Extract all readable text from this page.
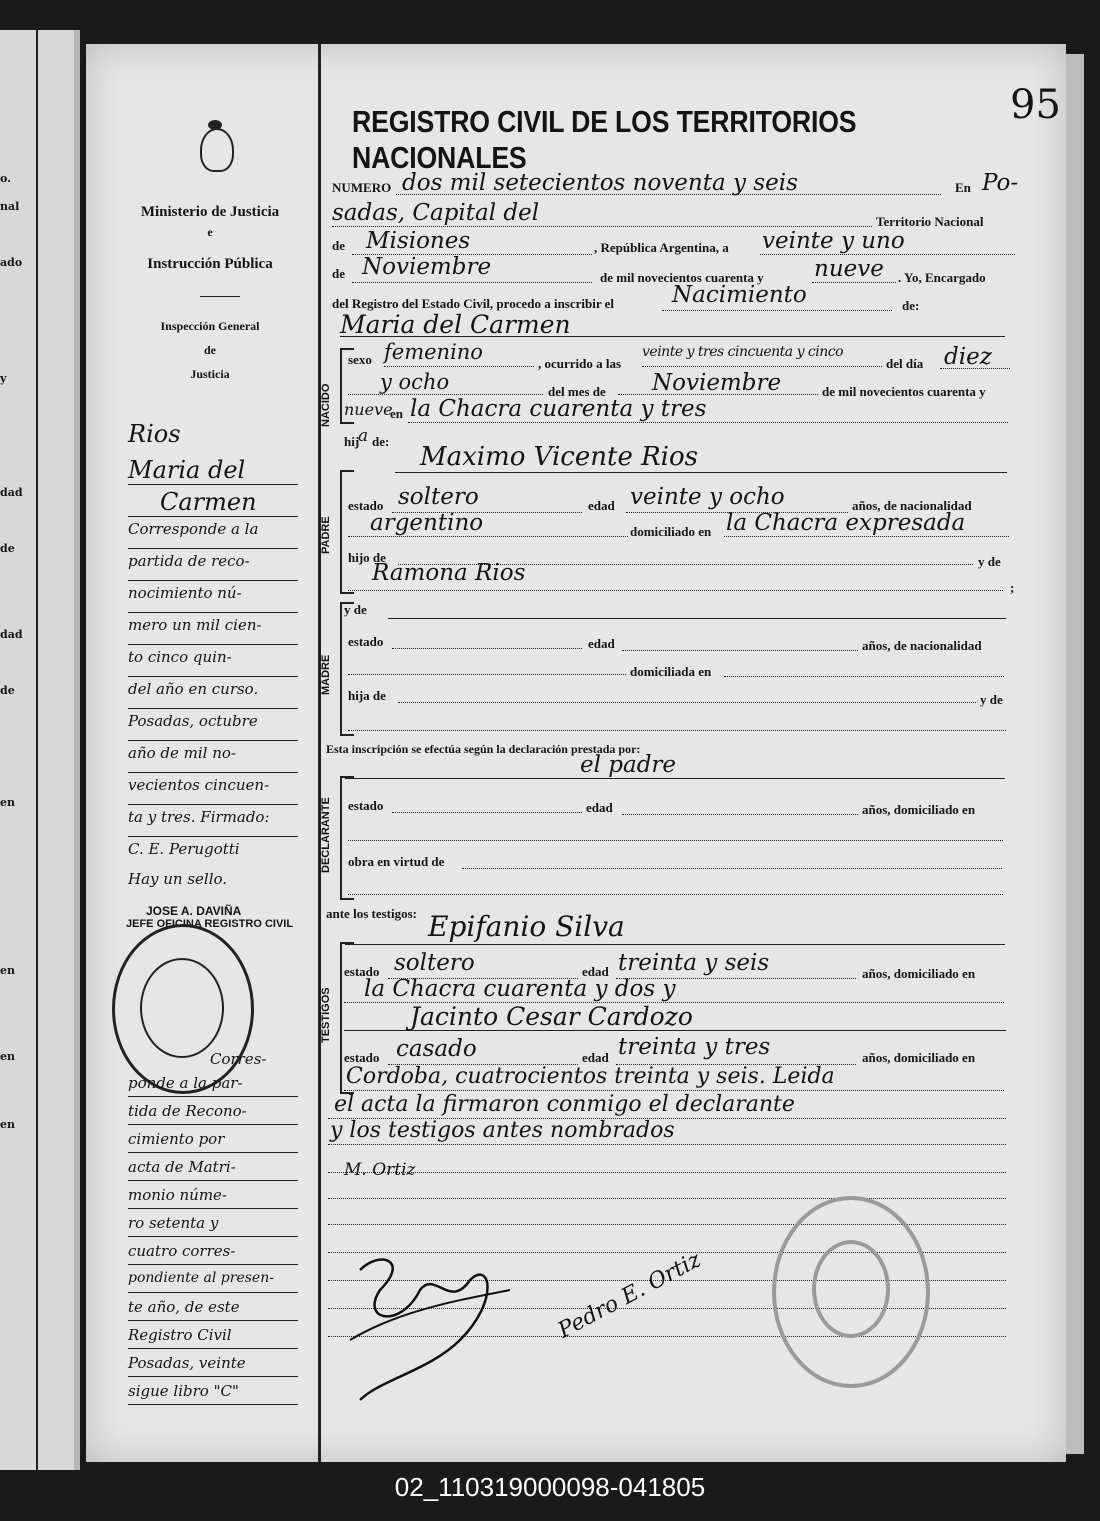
o.
nal
ado
y
dad
de
dad
de
en
en
en
en
Ministerio de Justicia
e
Instrucción Pública
Inspección General
de
Justicia
REGISTRO CIVIL DE LOS TERRITORIOS NACIONALES
95
NUMERO dos mil setecientos noventa y seis	En Po-
sadas, Capital del	Territorio Nacional
de Misiones	, República Argentina, a veinte y uno
de Noviembre	de mil novecientos cuarenta y nueve . Yo, Encargado
del Registro del Estado Civil, procedo a inscribir el	Nacimiento	de:
Maria del Carmen
NACIDO
sexo femenino	, ocurrido a las
veinte y tres cincuenta y cinco
del día diez
y ocho	del mes de Noviembre	de mil novecientos cuarenta y
nueve
en la Chacra cuarenta y tres
hij
a de:
Maximo Vicente Rios
PADRE
estado soltero	edad veinte y ocho	años, de nacionalidad
argentino	domiciliado en la Chacra expresada
hijo de	y de
Ramona Rios
;
y de
MADRE
estado	edad	años, de nacionalidad
domiciliada en
hija de	y de
Esta inscripción se efectúa según la declaración prestada por:
el padre
DECLARANTE	estado	edad	años, domiciliado en
obra en virtud de
ante los testigos: Epifanio Silva
TESTIGOS
estado soltero	edad treinta y seis	años, domiciliado en
la Chacra cuarenta y dos y
Jacinto Cesar Cardozo
estado casado	edad treinta y tres	años, domiciliado en
Cordoba, cuatrocientos treinta y seis. Leida
el acta la firmaron conmigo el declarante
y los testigos antes nombrados
M. Ortiz
Pedro E. Ortiz
Rios
Maria del
Carmen
Corresponde a la
partida de reco-
nocimiento nú-
mero un mil cien-
to cinco quin-
del año en curso.
Posadas, octubre
año de mil no-
vecientos cincuen-
ta y tres. Firmado:
C. E. Perugotti
Hay un sello.
JOSE A. DAVIÑA
JEFE OFICINA REGISTRO CIVIL
Corres-
ponde a la par-
tida de Recono-
cimiento por
acta de Matri-
monio núme-
ro setenta y
cuatro corres-
pondiente al presen-
te año, de este
Registro Civil
Posadas, veinte
sigue libro "C"
02_110319000098-041805
